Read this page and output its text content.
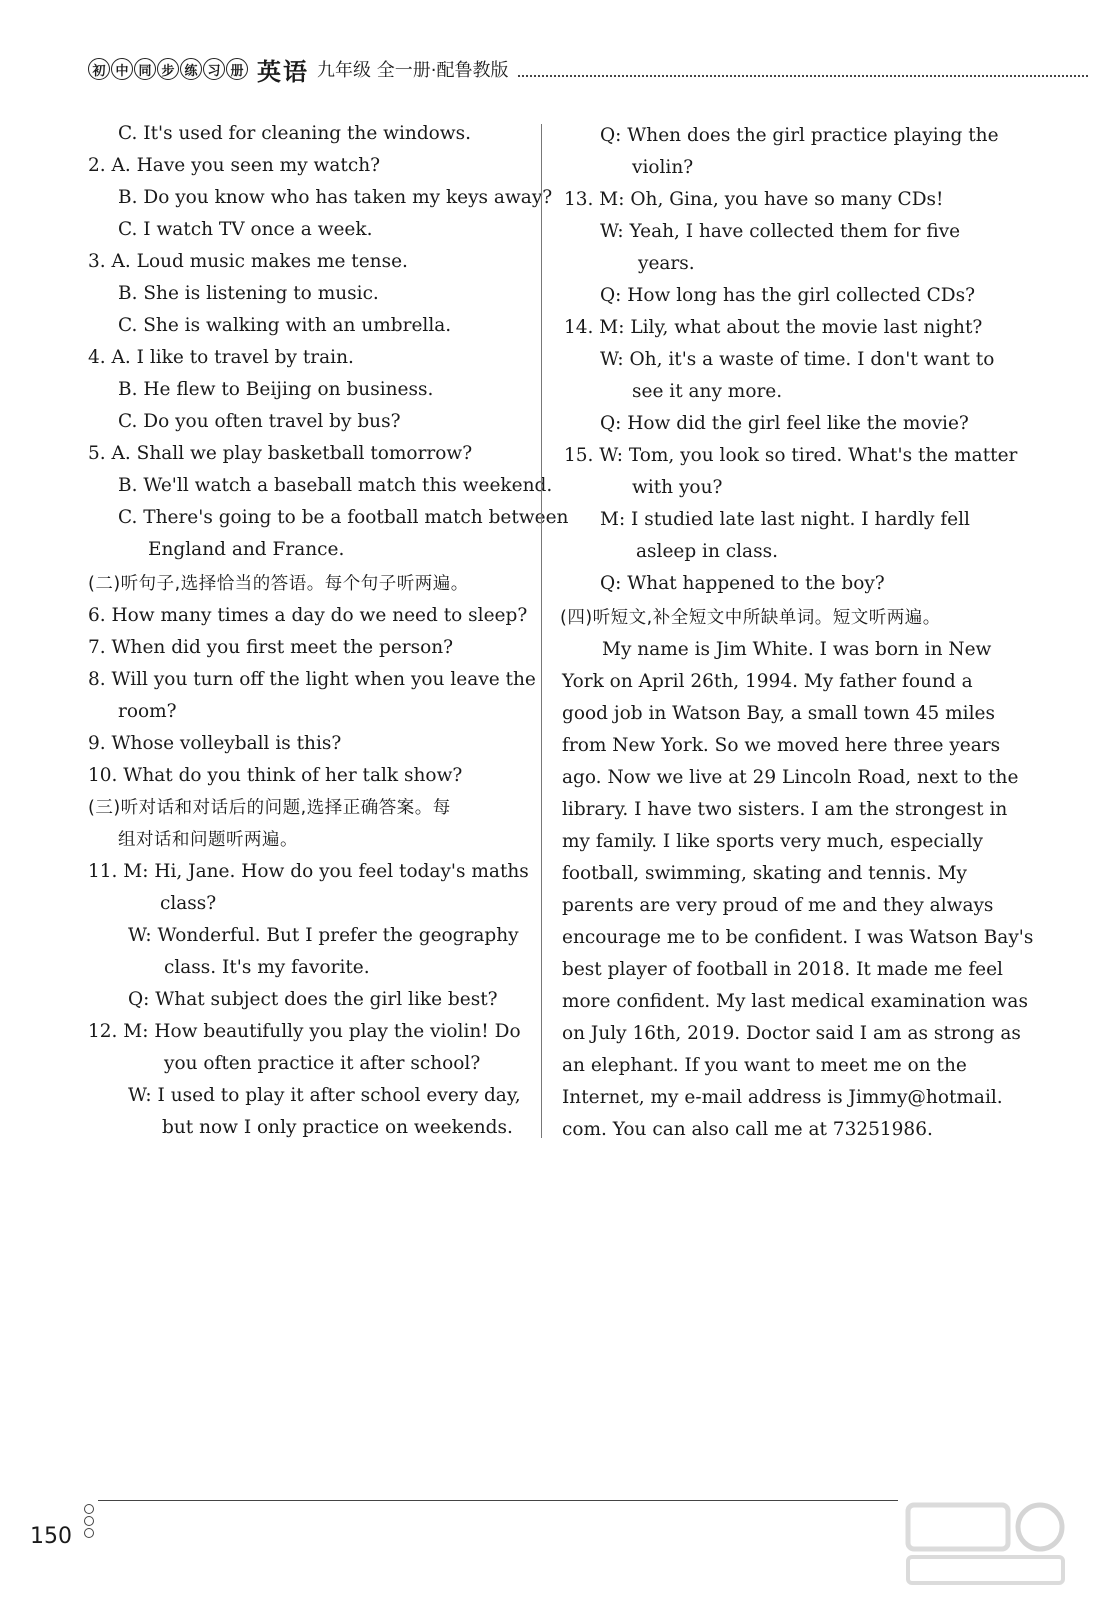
初 中 同 步 练 习 册 英语 九年级 全一册·配鲁教版
C. It's used for cleaning the windows.
2. A. Have you seen my watch?
B. Do you know who has taken my keys away?
C. I watch TV once a week.
3. A. Loud music makes me tense.
B. She is listening to music.
C. She is walking with an umbrella.
4. A. I like to travel by train.
B. He flew to Beijing on business.
C. Do you often travel by bus?
5. A. Shall we play basketball tomorrow?
B. We'll watch a baseball match this weekend.
C. There's going to be a football match between
England and France.
(二)听句子,选择恰当的答语。每个句子听两遍。
6. How many times a day do we need to sleep?
7. When did you first meet the person?
8. Will you turn off the light when you leave the
room?
9. Whose volleyball is this?
10. What do you think of her talk show?
(三)听对话和对话后的问题,选择正确答案。每
组对话和问题听两遍。
11. M: Hi, Jane. How do you feel today's maths
class?
W: Wonderful. But I prefer the geography
class. It's my favorite.
Q: What subject does the girl like best?
12. M: How beautifully you play the violin! Do
you often practice it after school?
W: I used to play it after school every day,
but now I only practice on weekends.
Q: When does the girl practice playing the
violin?
13. M: Oh, Gina, you have so many CDs!
W: Yeah, I have collected them for five
years.
Q: How long has the girl collected CDs?
14. M: Lily, what about the movie last night?
W: Oh, it's a waste of time. I don't want to
see it any more.
Q: How did the girl feel like the movie?
15. W: Tom, you look so tired. What's the matter
with you?
M: I studied late last night. I hardly fell
asleep in class.
Q: What happened to the boy?
(四)听短文,补全短文中所缺单词。短文听两遍。
My name is Jim White. I was born in New
York on April 26th, 1994. My father found a
good job in Watson Bay, a small town 45 miles
from New York. So we moved here three years
ago. Now we live at 29 Lincoln Road, next to the
library. I have two sisters. I am the strongest in
my family. I like sports very much, especially
football, swimming, skating and tennis. My
parents are very proud of me and they always
encourage me to be confident. I was Watson Bay's
best player of football in 2018. It made me feel
more confident. My last medical examination was
on July 16th, 2019. Doctor said I am as strong as
an elephant. If you want to meet me on the
Internet, my e-mail address is Jimmy@hotmail.
com. You can also call me at 73251986.
150
